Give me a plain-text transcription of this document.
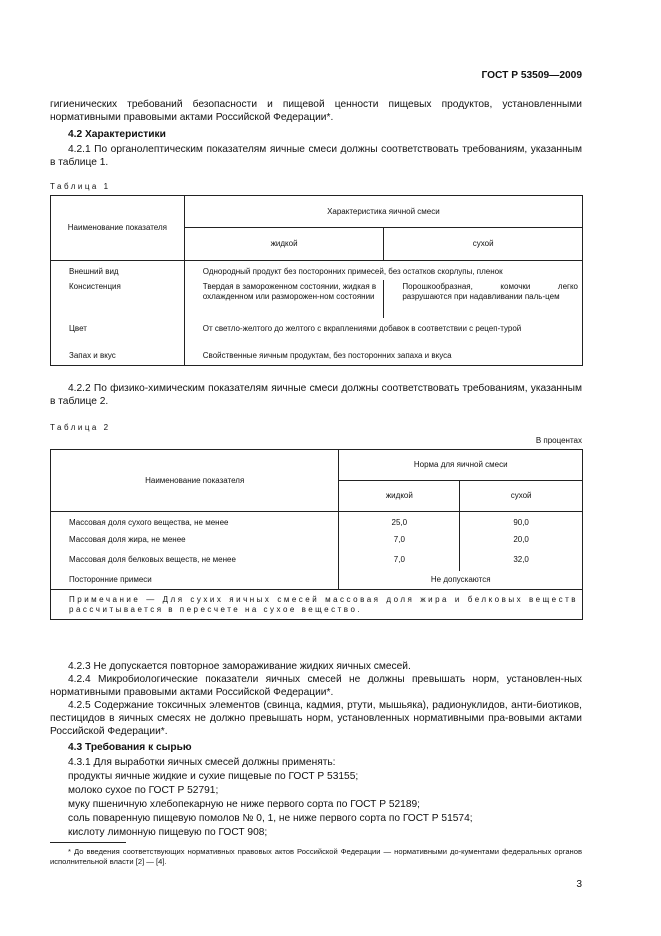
ГОСТ Р 53509—2009
гигиенических требований безопасности и пищевой ценности пищевых продуктов, установленными нормативными правовыми актами Российской Федерации*.
4.2 Характеристики
4.2.1 По органолептическим показателям яичные смеси должны соответствовать требованиям, указанным в таблице 1.
Таблица 1
Наименование показателя	Характеристика яичной смеси	
	жидкой	сухой
Внешний вид	Однородный продукт без посторонних примесей, без остатков скорлупы, пленок	
Консистенция	Твердая в замороженном состоянии, жидкая в охлажденном или разморожен-ном состоянии	Порошкообразная, комочки легко разрушаются при надавливании паль-цем
Цвет	От светло-желтого до желтого с вкраплениями добавок в соответствии с рецеп-турой	
Запах и вкус	Свойственные яичным продуктам, без посторонних запаха и вкуса	
4.2.2 По физико-химическим показателям яичные смеси должны соответствовать требованиям, указанным в таблице 2.
Таблица 2
В процентах
Наименование показателя	Норма для яичной смеси	
	жидкой	сухой
Массовая доля сухого вещества, не менее	25,0	90,0
Массовая доля жира, не менее	7,0	20,0
Массовая доля белковых веществ, не менее	7,0	32,0
Посторонние примеси	Не допускаются	
Примечание — Для сухих яичных смесей массовая доля жира и белковых веществ рассчитывается в пересчете на сухое вещество.		
4.2.3 Не допускается повторное замораживание жидких яичных смесей.
4.2.4 Микробиологические показатели яичных смесей не должны превышать норм, установлен-ных нормативными правовыми актами Российской Федерации*.
4.2.5 Содержание токсичных элементов (свинца, кадмия, ртути, мышьяка), радионуклидов, анти-биотиков, пестицидов в яичных смесях не должно превышать норм, установленных нормативными пра-вовыми актами Российской Федерации*.
4.3 Требования к сырью
4.3.1 Для выработки яичных смесей должны применять:
продукты яичные жидкие и сухие пищевые по ГОСТ Р 53155;
молоко сухое по ГОСТ Р 52791;
муку пшеничную хлебопекарную не ниже первого сорта по ГОСТ Р 52189;
соль поваренную пищевую помолов № 0, 1, не ниже первого сорта по ГОСТ Р 51574;
кислоту лимонную пищевую по ГОСТ 908;
* До введения соответствующих нормативных правовых актов Российской Федерации — нормативными до-кументами федеральных органов исполнительной власти [2] — [4].
3
